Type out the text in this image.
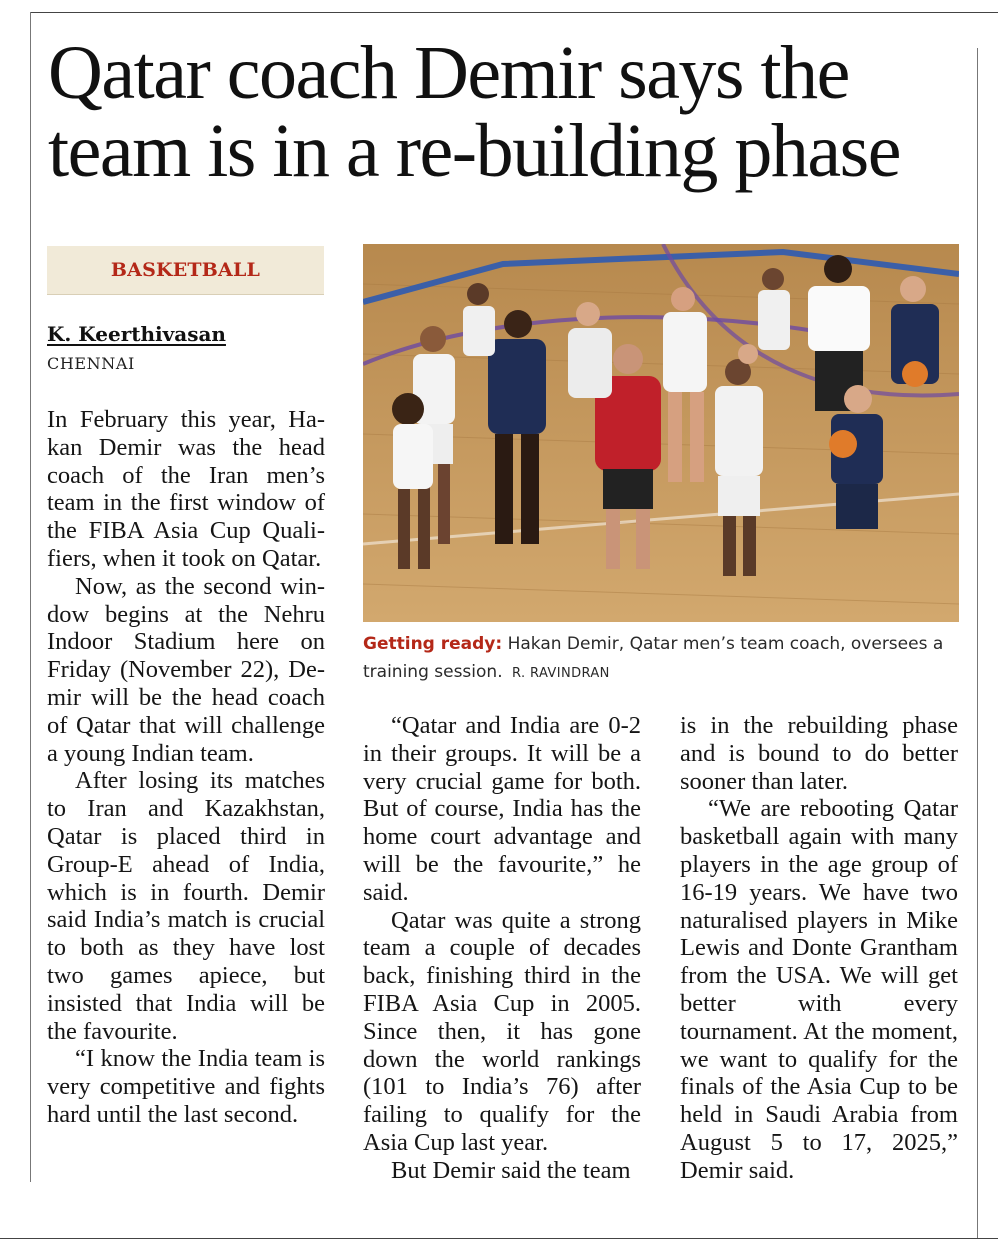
Qatar coach Demir says the team is in a re-building phase
BASKETBALL
K. Keerthivasan
CHENNAI

In February this year, Hakan Demir was the head coach of the Iran men’s team in the first window of the FIBA Asia Cup Qualifiers, when it took on Qatar.

Now, as the second window begins at the Nehru Indoor Stadium here on Friday (November 22), Demir will be the head coach of Qatar that will challenge a young Indian team.

After losing its matches to Iran and Kazakhstan, Qatar is placed third in Group-E ahead of India, which is in fourth. Demir said India’s match is crucial to both as they have lost two games apiece, but insisted that India will be the favourite.

“I know the India team is very competitive and fights hard until the last second.

Getting ready: Hakan Demir, Qatar men’s team coach, oversees a training session. R. RAVINDRAN

“Qatar and India are 0-2 in their groups. It will be a very crucial game for both. But of course, India has the home court advantage and will be the favourite,” he said.

Qatar was quite a strong team a couple of decades back, finishing third in the FIBA Asia Cup in 2005. Since then, it has gone down the world rankings (101 to India’s 76) after failing to qualify for the Asia Cup last year.

But Demir said the team

is in the rebuilding phase and is bound to do better sooner than later.

“We are rebooting Qatar basketball again with many players in the age group of 16-19 years. We have two naturalised players in Mike Lewis and Donte Grantham from the USA. We will get better with every tournament. At the moment, we want to qualify for the finals of the Asia Cup to be held in Saudi Arabia from August 5 to 17, 2025,” Demir said.
